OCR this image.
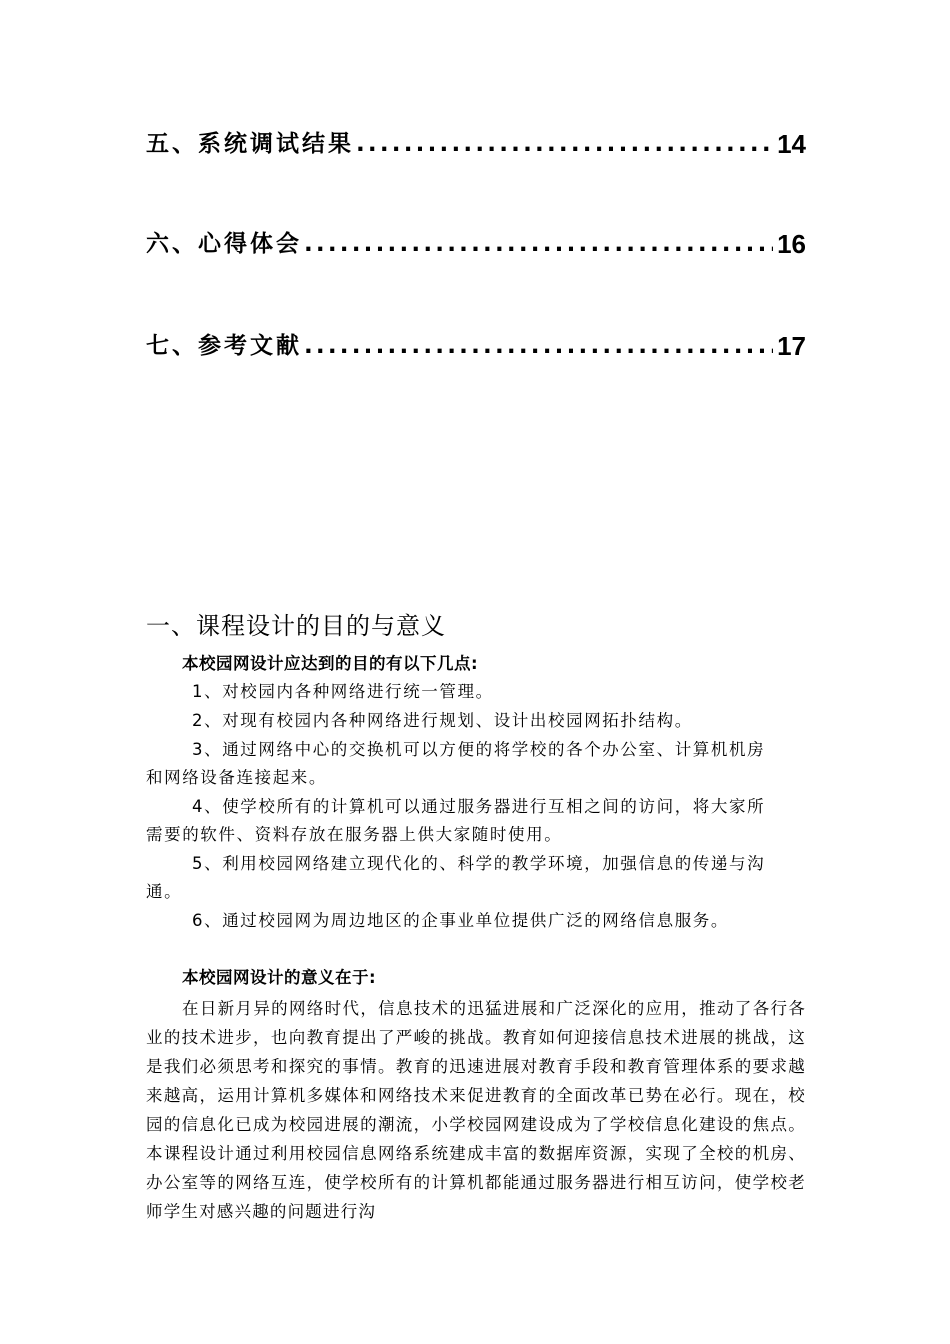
五、系统调试结果 .....	14
六、心得体会 .....	16
七、参考文献 .....	17
一、课程设计的目的与意义
本校园网设计应达到的目的有以下几点:
1、对校园内各种网络进行统一管理。
2、对现有校园内各种网络进行规划、设计出校园网拓扑结构。
3、通过网络中心的交换机可以方便的将学校的各个办公室、计算机机房
和网络设备连接起来。
4、使学校所有的计算机可以通过服务器进行互相之间的访问，将大家所
需要的软件、资料存放在服务器上供大家随时使用。
5、利用校园网络建立现代化的、科学的教学环境，加强信息的传递与沟
通。
6、通过校园网为周边地区的企事业单位提供广泛的网络信息服务。
本校园网设计的意义在于:
在日新月异的网络时代，信息技术的迅猛进展和广泛深化的应用，推动了各行各业的技术进步，也向教育提出了严峻的挑战。教育如何迎接信息技术进展的挑战，这是我们必须思考和探究的事情。教育的迅速进展对教育手段和教育管理体系的要求越来越高，运用计算机多媒体和网络技术来促进教育的全面改革已势在必行。现在，校园的信息化已成为校园进展的潮流，小学校园网建设成为了学校信息化建设的焦点。本课程设计通过利用校园信息网络系统建成丰富的数据库资源，实现了全校的机房、办公室等的网络互连，使学校所有的计算机都能通过服务器进行相互访问，使学校老师学生对感兴趣的问题进行沟
